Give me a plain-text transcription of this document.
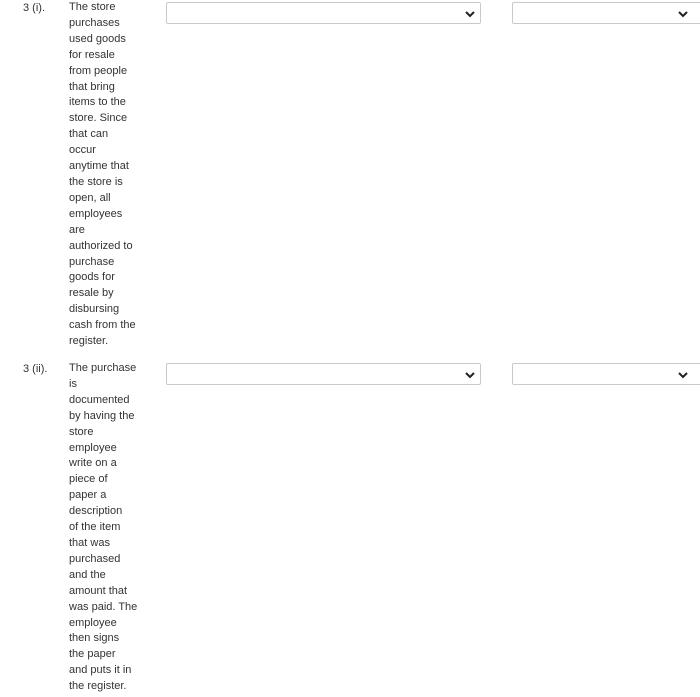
3 (i). The store
purchases
used goods
for resale
from people
that bring
items to the
store. Since
that can
occur
anytime that
the store is
open, all
employees
are
authorized to
purchase
goods for
resale by
disbursing
cash from the
register.
3 (ii). The purchase
is
documented
by having the
store
employee
write on a
piece of
paper a
description
of the item
that was
purchased
and the
amount that
was paid. The
employee
then signs
the paper
and puts it in
the register.
